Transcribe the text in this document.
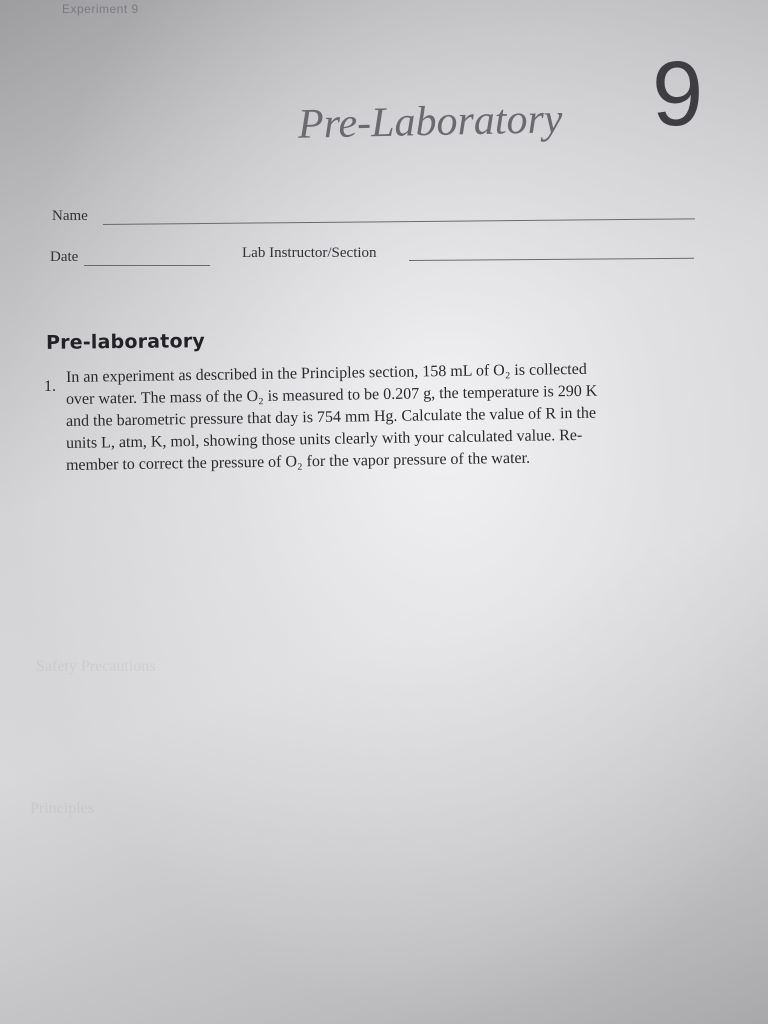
Experiment 9
Pre-Laboratory 9
Name
Date	Lab Instructor/Section
Pre-laboratory
1.
In an experiment as described in the Principles section, 158 mL of O₂ is collected
over water. The mass of the O₂ is measured to be 0.207 g, the temperature is 290 K
and the barometric pressure that day is 754 mm Hg. Calculate the value of R in the
units L, atm, K, mol, showing those units clearly with your calculated value. Re-
member to correct the pressure of O₂ for the vapor pressure of the water.
Safety Precautions
Principles
